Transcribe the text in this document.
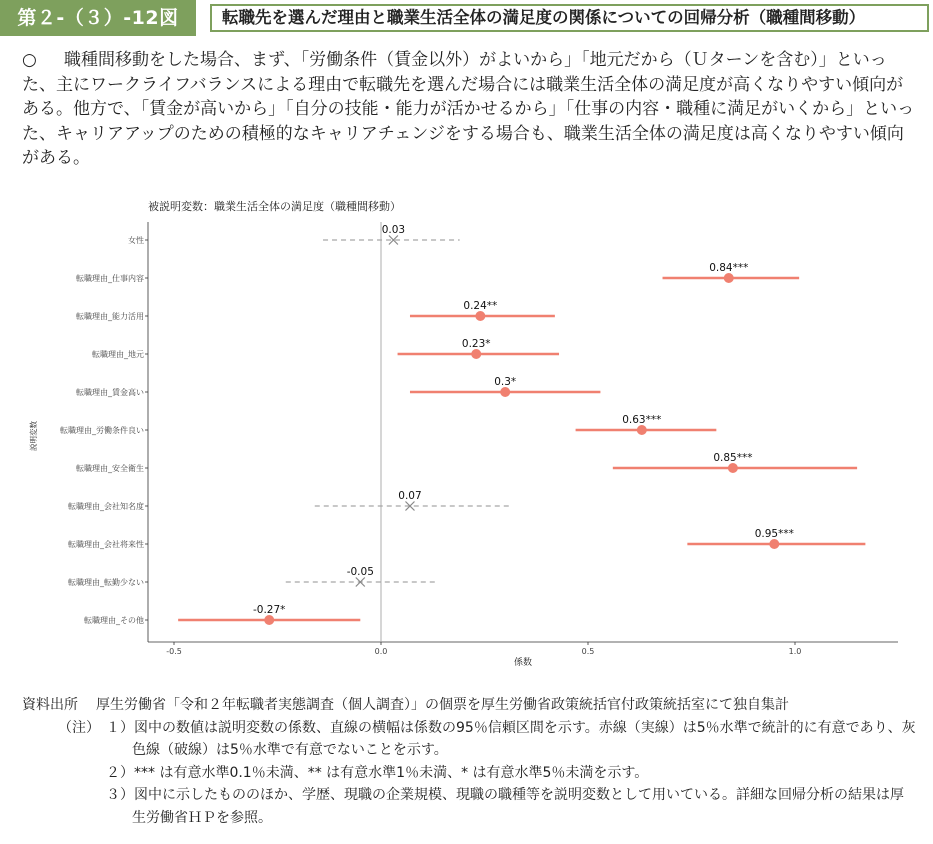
第２-（３）-12図	転職先を選んだ理由と職業生活全体の満足度の関係についての回帰分析（職種間移動）
○	職種間移動をした場合、まず、「労働条件（賃金以外）がよいから」「地元だから（Ｕターンを含む）」といった、主にワークライフバランスによる理由で転職先を選んだ場合には職業生活全体の満足度が高くなりやすい傾向がある。他方で、「賃金が高いから」「自分の技能・能力が活かせるから」「仕事の内容・職種に満足がいくから」といった、キャリアアップのための積極的なキャリアチェンジをする場合も、職業生活全体の満足度は高くなりやすい傾向がある。
被説明変数：職業生活全体の満足度（職種間移動）
-0.5	0.0	0.5	1.0
女性
転職理由_仕事内容
転職理由_能力活用
転職理由_地元
転職理由_賃金高い
転職理由_労働条件良い
転職理由_安全衛生
転職理由_会社知名度
転職理由_会社将来性
転職理由_転勤少ない
転職理由_その他
0.03
0.84***
0.24**
0.23*
0.3*
0.63***
0.85***
0.07
0.95***
-0.05
-0.27*
係数
説明変数
資料出所 厚生労働省「令和２年転職者実態調査（個人調査）」の個票を厚生労働省政策統括官付政策統括室にて独自集計
（注） １）図中の数値は説明変数の係数、直線の横幅は係数の95％信頼区間を示す。赤線（実線）は5％水準で統計的に有意であり、灰色線（破線）は5％水準で有意でないことを示す。
２）*** は有意水準0.1％未満、** は有意水準1％未満、* は有意水準5％未満を示す。
３）図中に示したもののほか、学歴、現職の企業規模、現職の職種等を説明変数として用いている。詳細な回帰分析の結果は厚生労働省ＨＰを参照。
